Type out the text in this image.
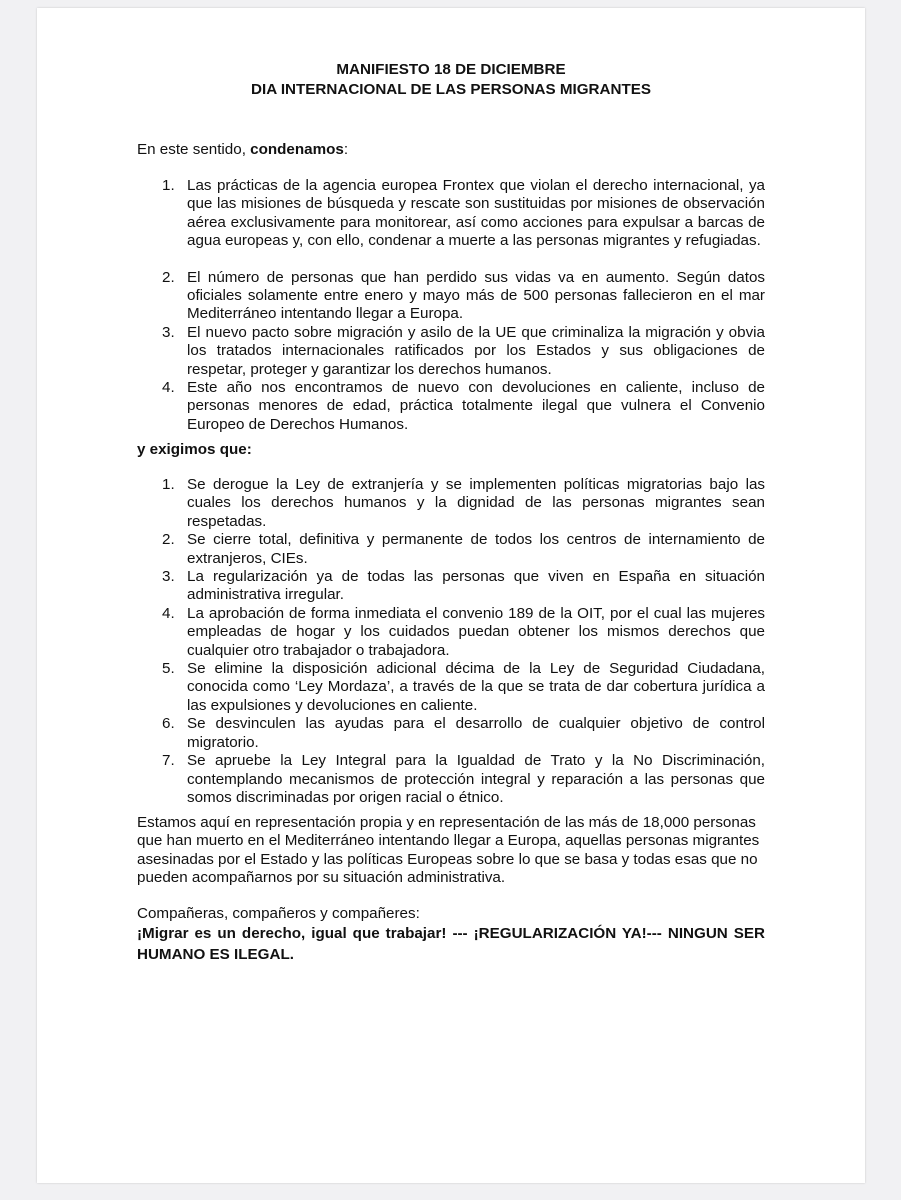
MANIFIESTO 18 DE DICIEMBRE
DIA INTERNACIONAL DE LAS PERSONAS MIGRANTES
En este sentido, condenamos:
1. Las prácticas de la agencia europea Frontex que violan el derecho internacional, ya que las misiones de búsqueda y rescate son sustituidas por misiones de observación aérea exclusivamente para monitorear, así como acciones para expulsar a barcas de agua europeas y, con ello, condenar a muerte a las personas migrantes y refugiadas.
2. El número de personas que han perdido sus vidas va en aumento. Según datos oficiales solamente entre enero y mayo más de 500 personas fallecieron en el mar Mediterráneo intentando llegar a Europa.
3. El nuevo pacto sobre migración y asilo de la UE que criminaliza la migración y obvia los tratados internacionales ratificados por los Estados y sus obligaciones de respetar, proteger y garantizar los derechos humanos.
4. Este año nos encontramos de nuevo con devoluciones en caliente, incluso de personas menores de edad, práctica totalmente ilegal que vulnera el Convenio Europeo de Derechos Humanos.
y exigimos que:
1. Se derogue la Ley de extranjería y se implementen políticas migratorias bajo las cuales los derechos humanos y la dignidad de las personas migrantes sean respetadas.
2. Se cierre total, definitiva y permanente de todos los centros de internamiento de extranjeros, CIEs.
3. La regularización ya de todas las personas que viven en España en situación administrativa irregular.
4. La aprobación de forma inmediata el convenio 189 de la OIT, por el cual las mujeres empleadas de hogar y los cuidados puedan obtener los mismos derechos que cualquier otro trabajador o trabajadora.
5. Se elimine la disposición adicional décima de la Ley de Seguridad Ciudadana, conocida como ‘Ley Mordaza’, a través de la que se trata de dar cobertura jurídica a las expulsiones y devoluciones en caliente.
6. Se desvinculen las ayudas para el desarrollo de cualquier objetivo de control migratorio.
7. Se apruebe la Ley Integral para la Igualdad de Trato y la No Discriminación, contemplando mecanismos de protección integral y reparación a las personas que somos discriminadas por origen racial o étnico.
Estamos aquí en representación propia y en representación de las más de 18,000 personas que han muerto en el Mediterráneo intentando llegar a Europa, aquellas personas migrantes asesinadas por el Estado y las políticas Europeas sobre lo que se basa y todas esas que no pueden acompañarnos por su situación administrativa.
Compañeras, compañeros y compañeres:
¡Migrar es un derecho, igual que trabajar! --- ¡REGULARIZACIÓN YA!--- NINGUN SER HUMANO ES ILEGAL.
